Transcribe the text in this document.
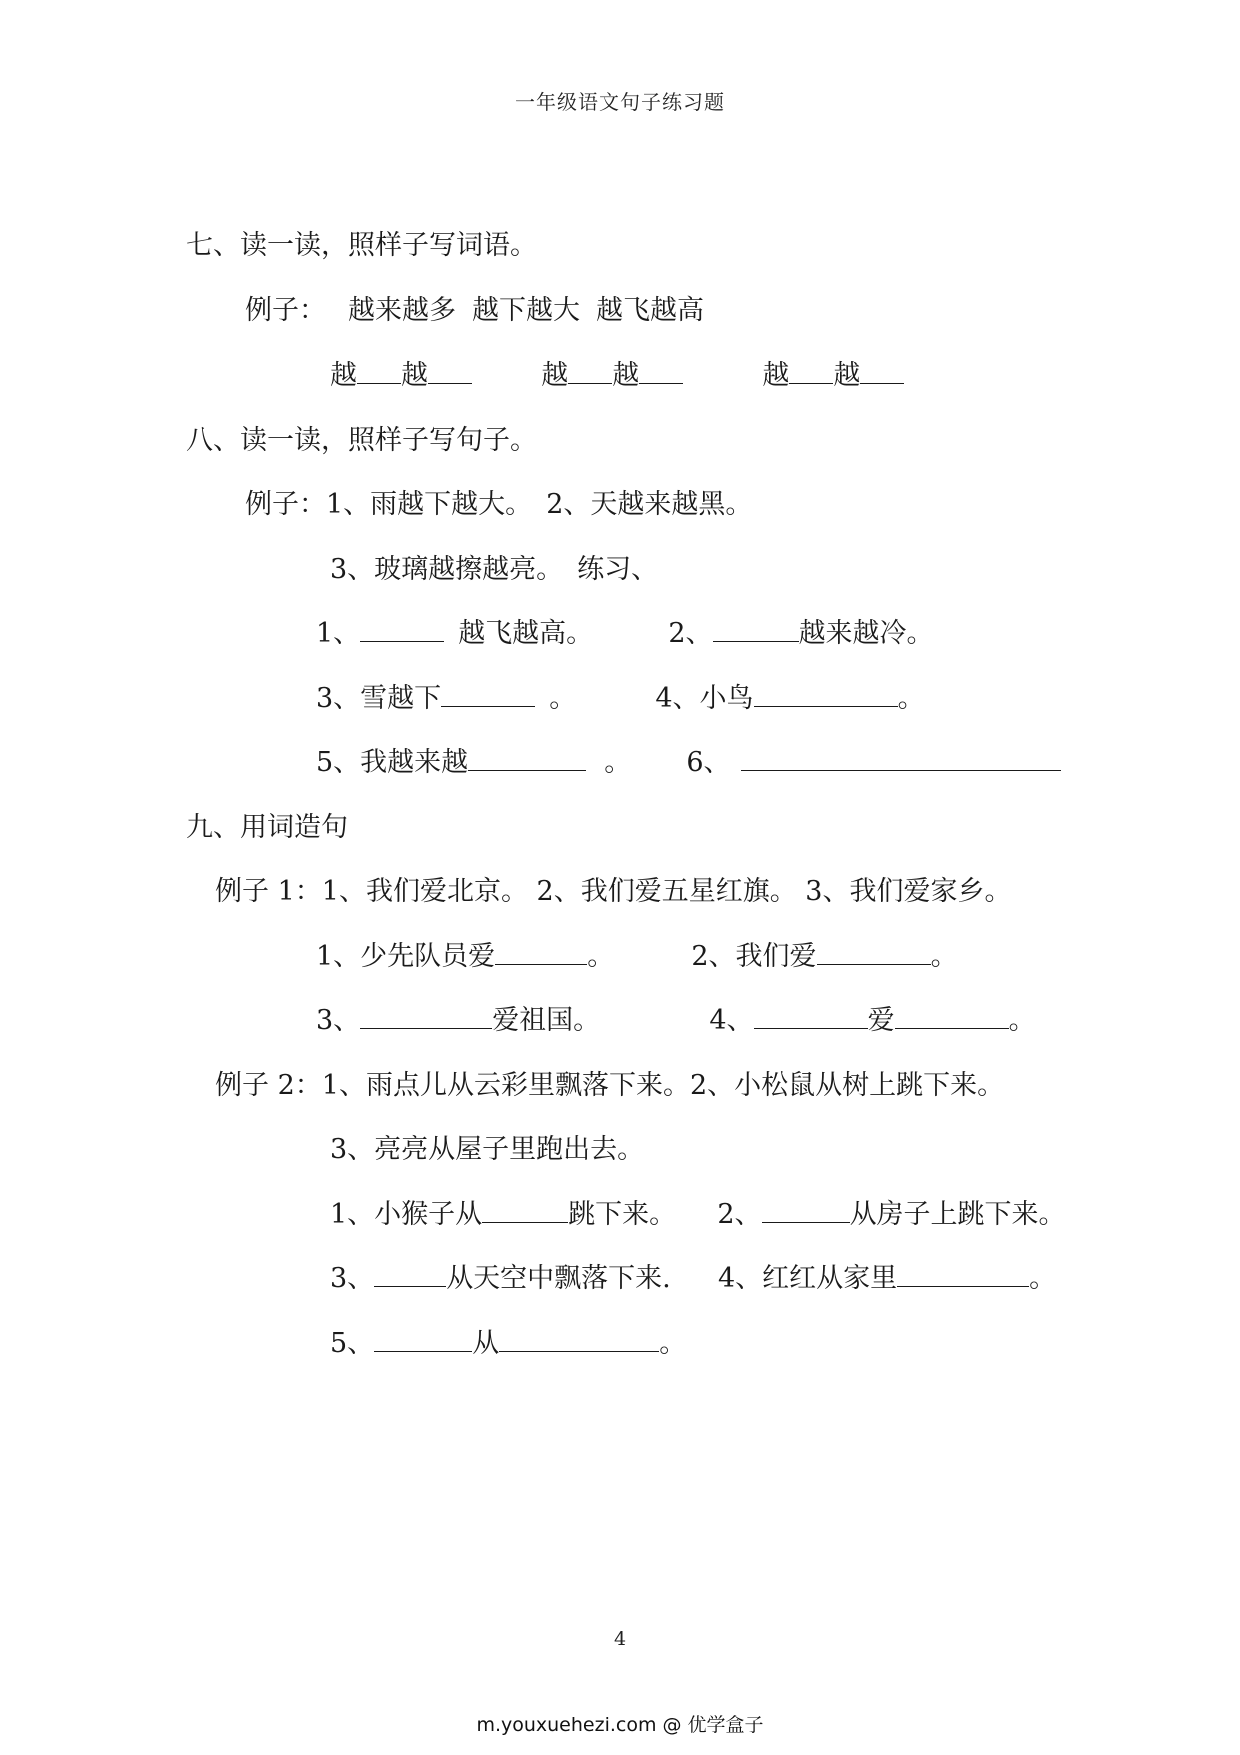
一年级语文句子练习题
七、读一读，照样子写词语。
例子： 越来越多 越下越大 越飞越高
越 越	越 越	越 越
八、读一读，照样子写句子。
例子：1、雨越下越大。 2、天越来越黑。
3、玻璃越擦越亮。 练习、
1、	越飞越高。	2、	越来越冷。
3、雪越下	。	4、小鸟	。
5、我越来越	。 6、
九、用词造句
例子 1：1、我们爱北京。 2、我们爱五星红旗。 3、我们爱家乡。
1、少先队员爱	。	2、我们爱	。
3、	爱祖国。	4、	爱	。
例子 2：1、雨点儿从云彩里飘落下来。2、小松鼠从树上跳下来。
3、亮亮从屋子里跑出去。
1、小猴子从	跳下来。 2、	从房子上跳下来。
3、	从天空中飘落下来. 4、红红从家里	。
5、	从	。
4
m.youxuehezi.com @ 优学盒子
